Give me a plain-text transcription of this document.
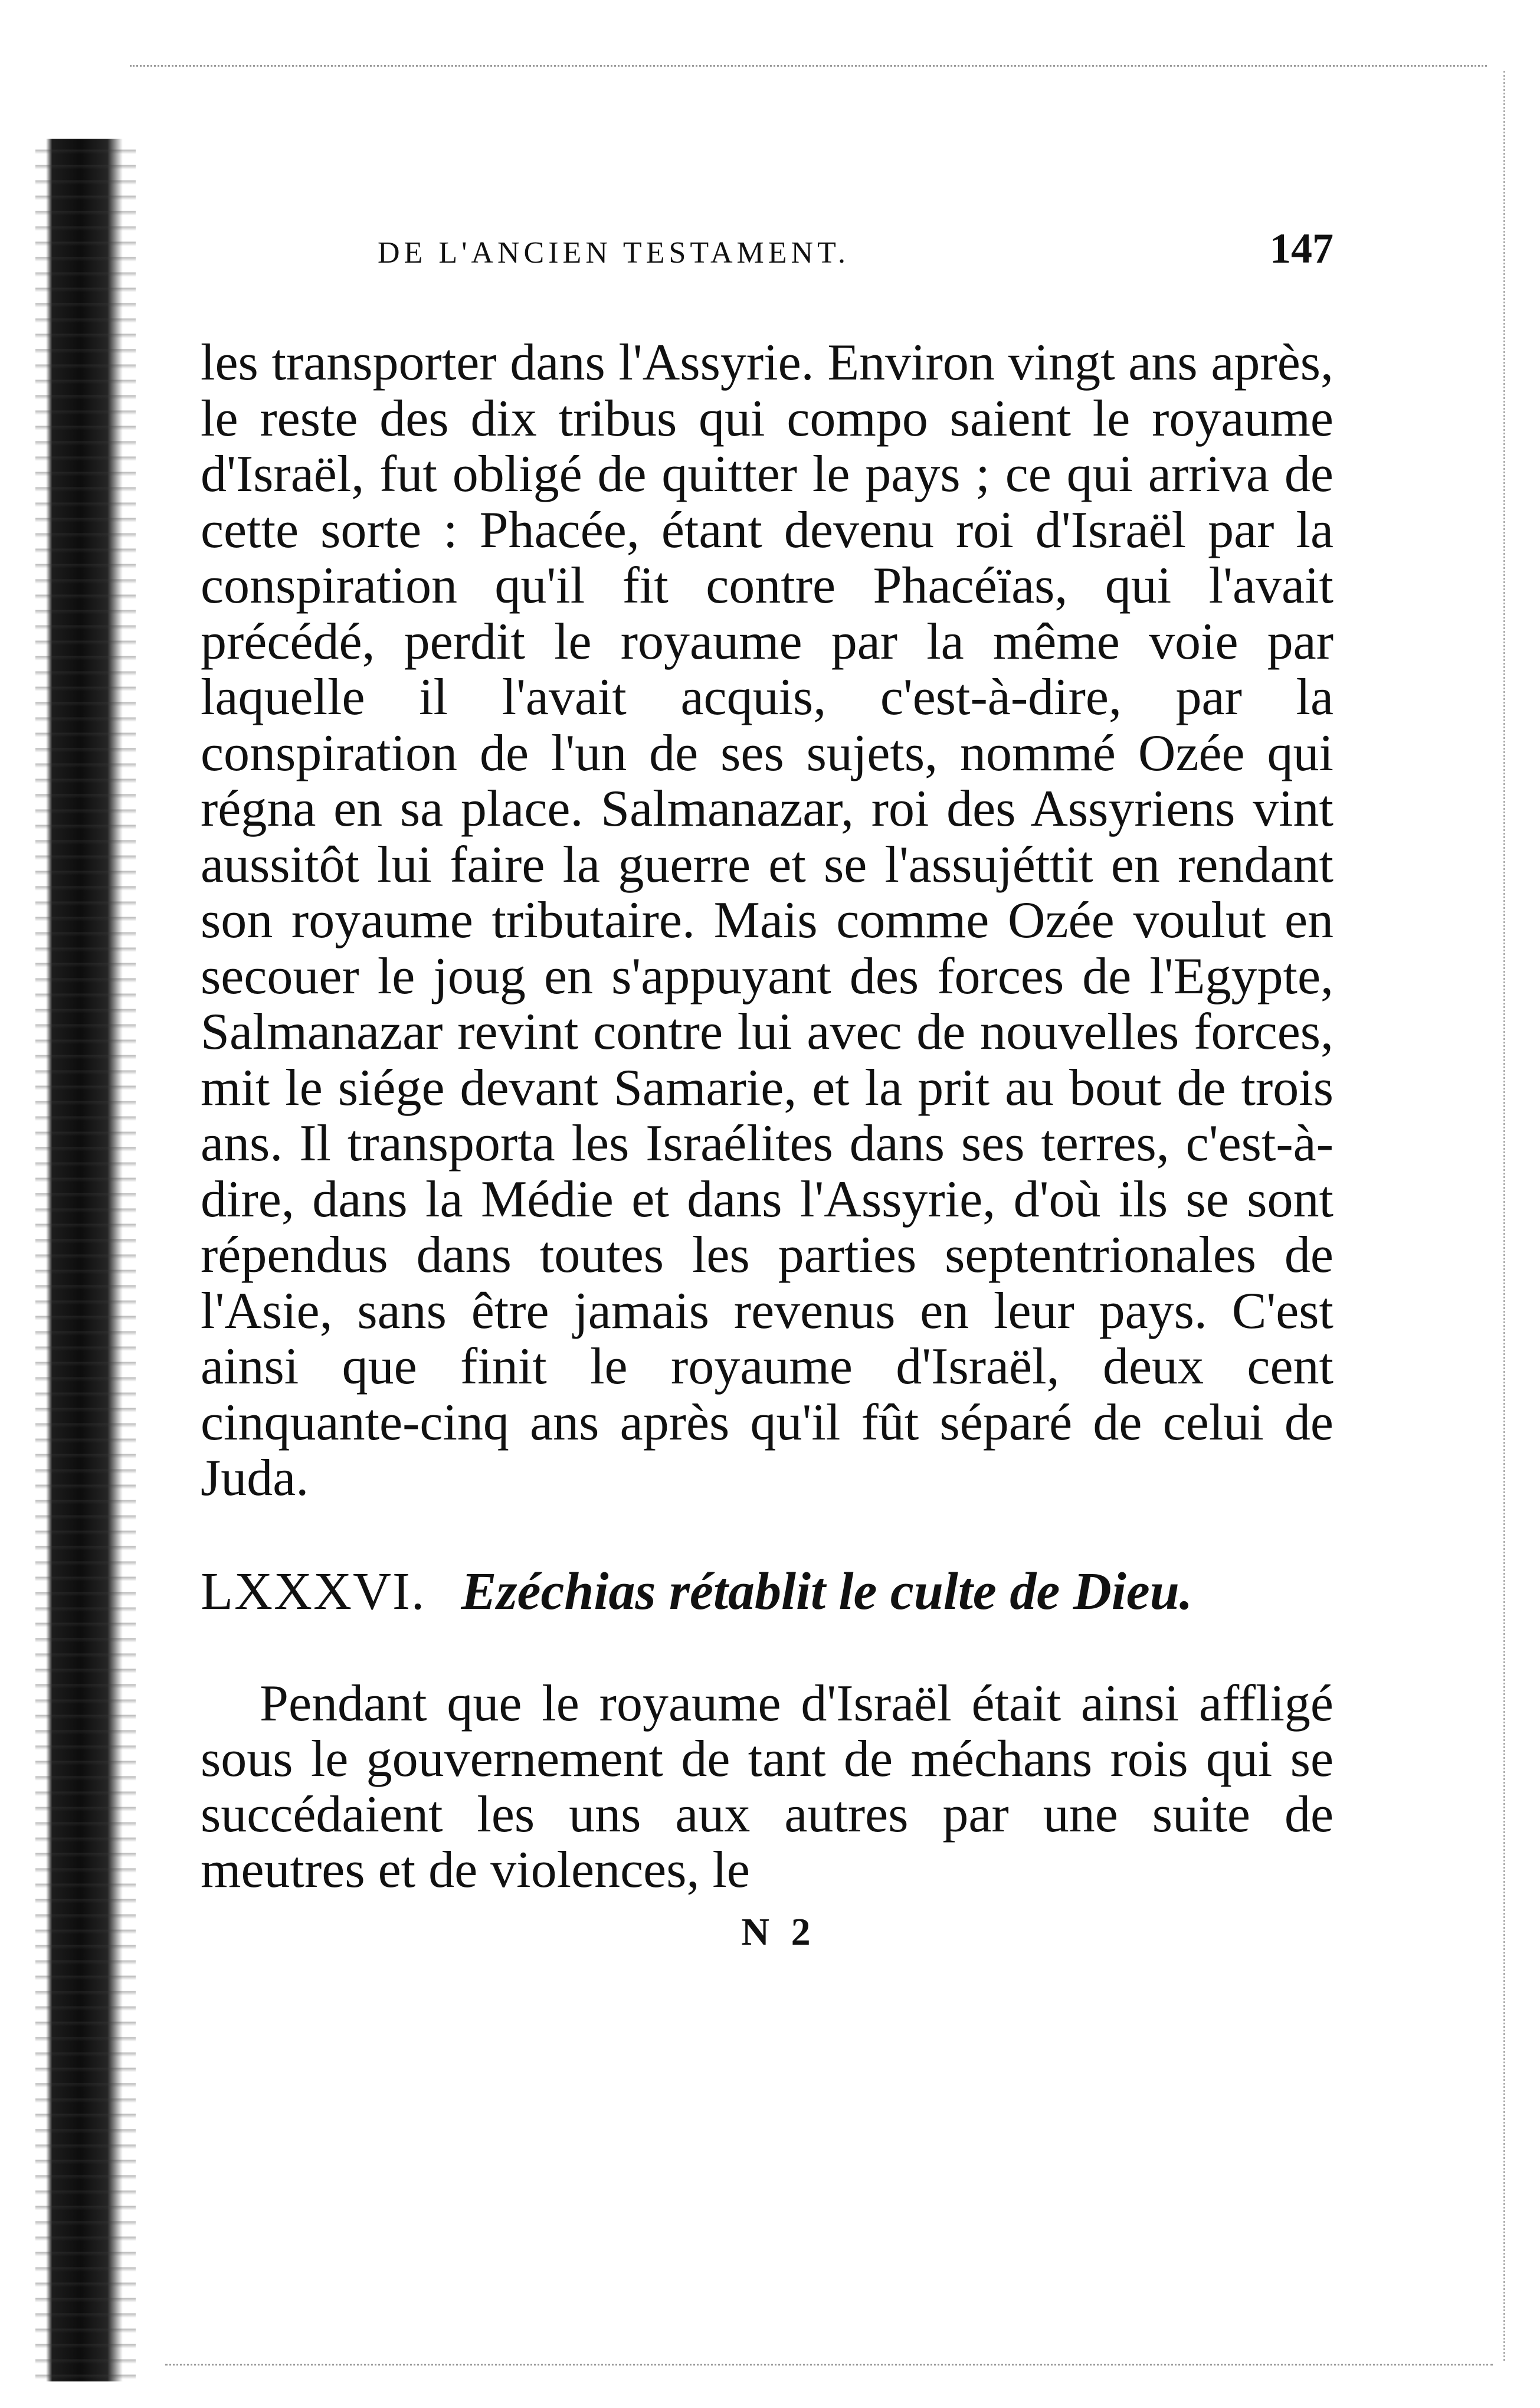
DE L'ANCIEN TESTAMENT.	147

les transporter dans l'Assyrie. Environ vingt ans après, le reste des dix tribus qui compo saient le royaume d'Israël, fut obligé de quitter le pays ; ce qui arriva de cette sorte : Phacée, étant devenu roi d'Israël par la conspiration qu'il fit contre Phacéïas, qui l'avait précédé, perdit le royaume par la même voie par laquelle il l'avait acquis, c'est-à-dire, par la conspiration de l'un de ses sujets, nommé Ozée qui régna en sa place. Salmanazar, roi des Assyriens vint aussitôt lui faire la guerre et se l'assujéttit en rendant son royaume tributaire. Mais comme Ozée voulut en secouer le joug en s'appuyant des forces de l'Egypte, Salmanazar revint contre lui avec de nouvelles forces, mit le siége devant Samarie, et la prit au bout de trois ans. Il transporta les Israélites dans ses terres, c'est-à-dire, dans la Médie et dans l'Assyrie, d'où ils se sont répendus dans toutes les parties septentrionales de l'Asie, sans être jamais revenus en leur pays. C'est ainsi que finit le royaume d'Israël, deux cent cinquante-cinq ans après qu'il fût séparé de celui de Juda.

LXXXVI. Ezéchias rétablit le culte de Dieu.

Pendant que le royaume d'Israël était ainsi affligé sous le gouvernement de tant de méchans rois qui se succédaient les uns aux autres par une suite de meutres et de violences, le

N 2
